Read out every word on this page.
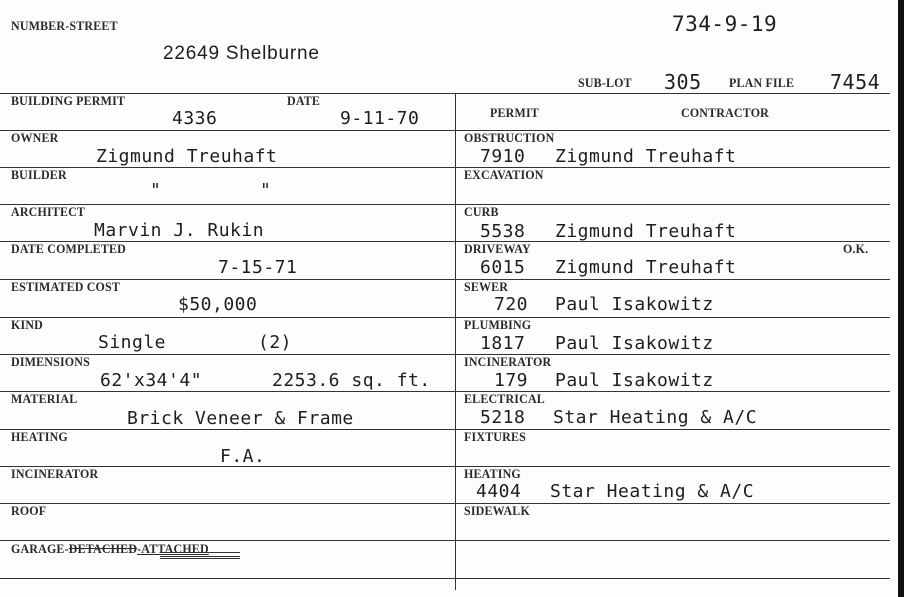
NUMBER-STREET	734-9-19
22649 Shelburne
SUB-LOT 305 PLAN FILE 7454
BUILDING PERMIT	DATE
4336	9-11-70
OWNER
Zigmund Treuhaft
BUILDER
"	"
ARCHITECT
Marvin J. Rukin
DATE COMPLETED
7-15-71
ESTIMATED COST
$50,000
KIND
Single	(2)
DIMENSIONS
62'x34'4"	2253.6 sq. ft.
MATERIAL
Brick Veneer & Frame
HEATING
F.A.
INCINERATOR
ROOF
GARAGE-DETACHED-ATTACHED
PERMIT	CONTRACTOR
OBSTRUCTION
7910 Zigmund Treuhaft
EXCAVATION
CURB
5538 Zigmund Treuhaft
DRIVEWAY
6015 Zigmund Treuhaft
O.K.
SEWER
720 Paul Isakowitz
PLUMBING
1817 Paul Isakowitz
INCINERATOR
179 Paul Isakowitz
ELECTRICAL
5218 Star Heating & A/C
FIXTURES
HEATING
4404 Star Heating & A/C
SIDEWALK
